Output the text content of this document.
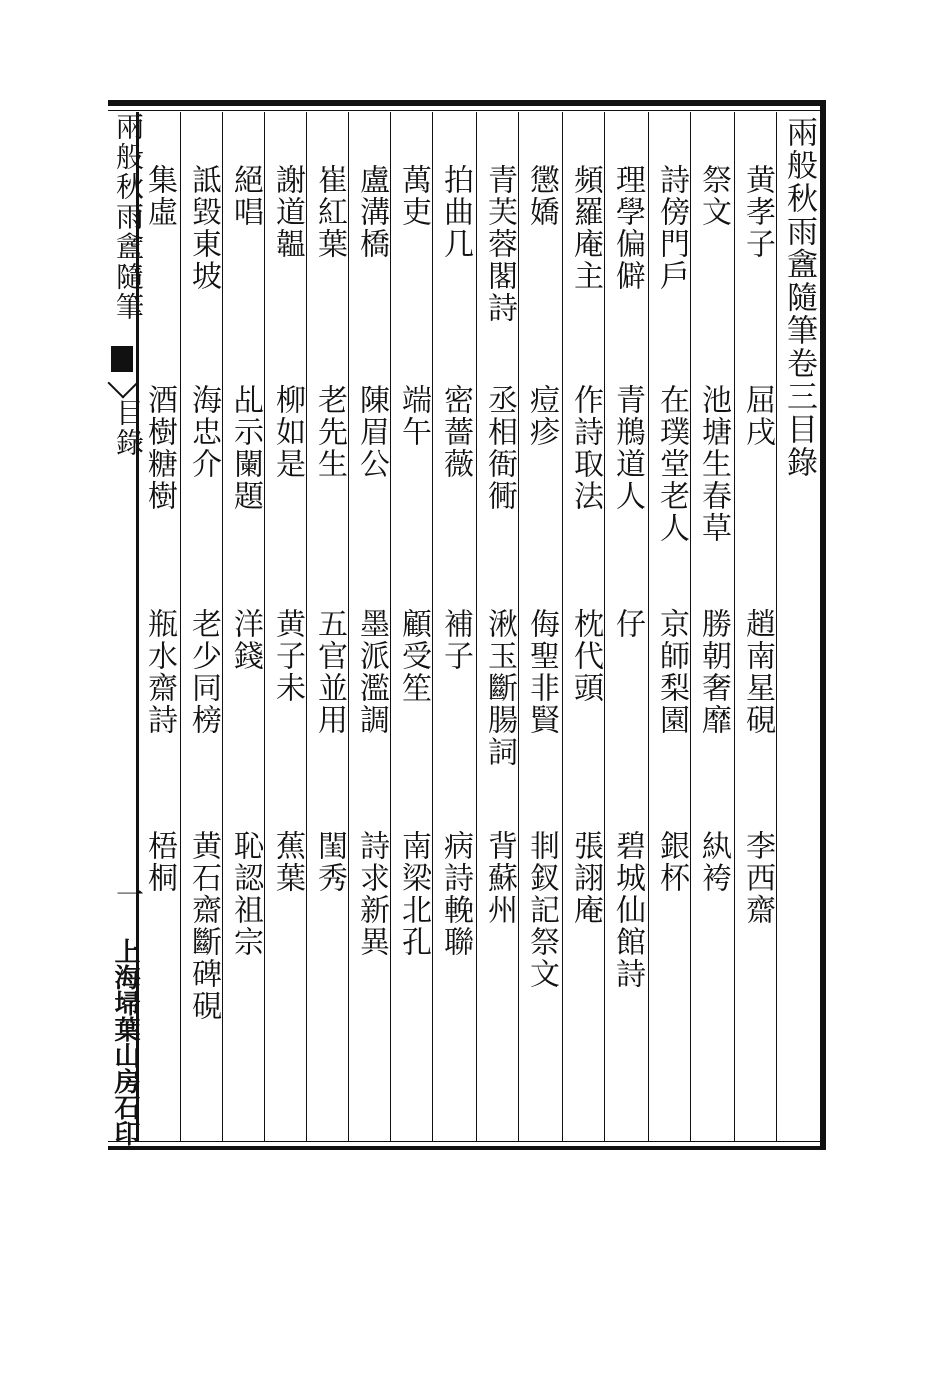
兩般秋雨盦隨筆卷三目錄
兩般秋雨盦隨筆
目錄
一
上海埽葉山房石印
黄孝子
屈戌
趙南星硯
李西齋
祭文
池塘生春草
勝朝奢靡
紈袴
詩傍門戶
在璞堂老人
京師梨園
銀杯
理學偏僻
青鵧道人
仔
碧城仙館詩
頻羅庵主
作詩取法
枕代頭
張詡庵
懲嬌
痘疹
侮聖非賢
剕釵記祭文
青芙蓉閣詩
丞相衙衕
湫玉斷腸詞
背蘇州
拍曲几
密薔薇
補子
病詩輓聯
萬吏
端午
顧受笙
南梁北孔
盧溝橋
陳眉公
墨派濫調
詩求新異
崔紅葉
老先生
五官並用
閨秀
謝道韞
柳如是
黄子未
蕉葉
絕唱
乩示闌題
洋錢
恥認祖宗
詆毀東坡
海忠介
老少同榜
黄石齋斷碑硯
集虛
酒樹糖樹
瓶水齋詩
梧桐
